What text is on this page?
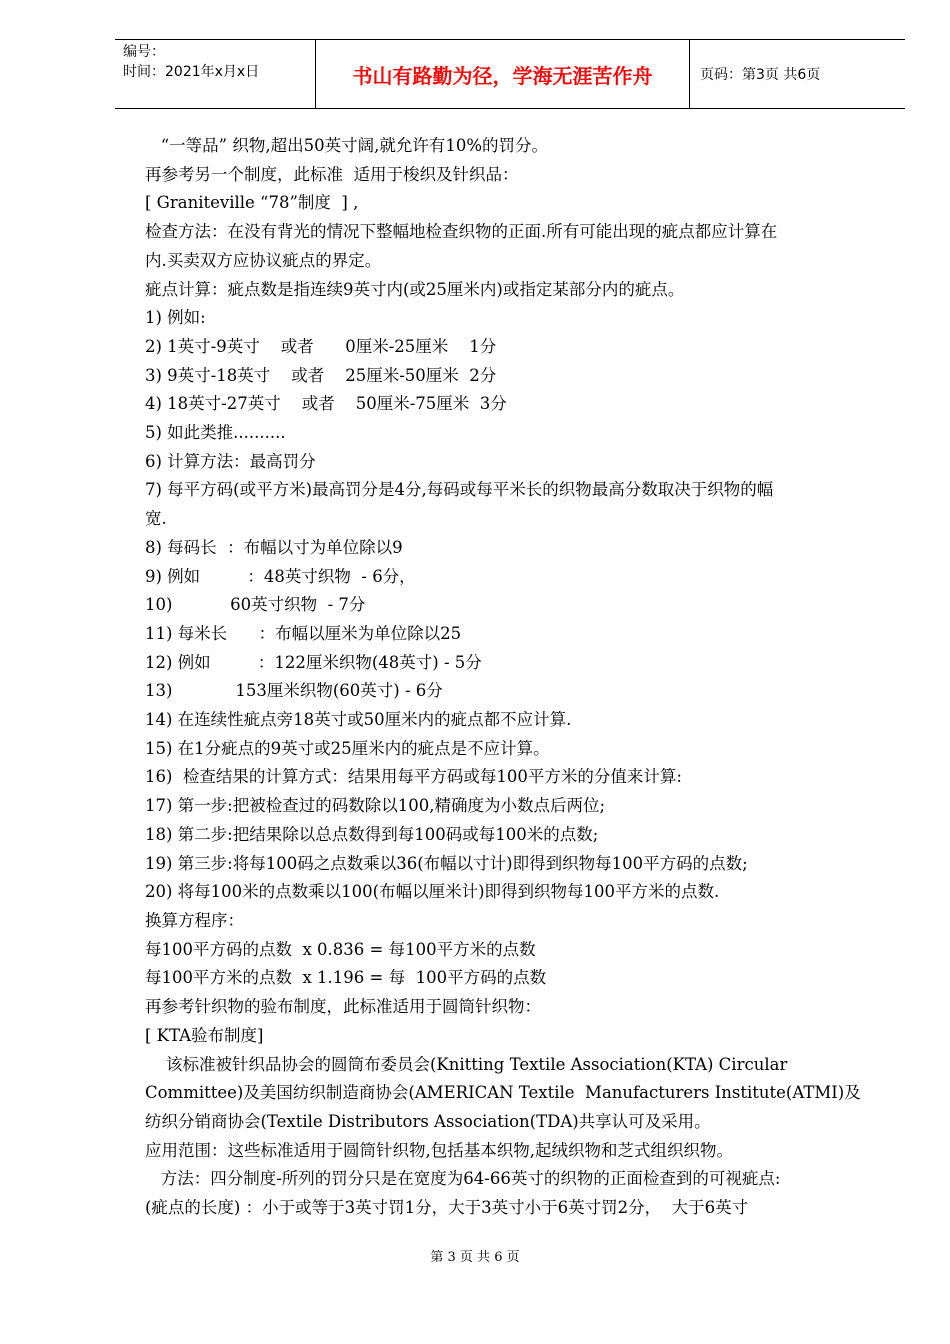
编号：
时间：2021年x月x日	书山有路勤为径，学海无涯苦作舟	页码：第3页 共6页
“一等品” 织物,超出50英寸阔,就允许有10%的罚分。
再参考另一个制度，此标准  适用于梭织及针织品：
[ Graniteville “78”制度  ] ,
检查方法：在没有背光的情况下整幅地检查织物的正面.所有可能出现的疵点都应计算在
内.买卖双方应协议疵点的界定。
疵点计算：疵点数是指连续9英寸内(或25厘米内)或指定某部分内的疵点。
1) 例如:
2) 1英寸-9英寸    或者      0厘米-25厘米    1分
3) 9英寸-18英寸    或者    25厘米-50厘米  2分
4) 18英寸-27英寸    或者    50厘米-75厘米  3分
5) 如此类推..........
6) 计算方法：最高罚分
7) 每平方码(或平方米)最高罚分是4分,每码或每平米长的织物最高分数取决于织物的幅
宽.
8) 每码长  ：布幅以寸为单位除以9
9) 例如         ：48英寸织物  - 6分，
10)           60英寸织物  - 7分
11) 每米长      ：布幅以厘米为单位除以25
12) 例如         ：122厘米织物(48英寸) - 5分
13)            153厘米织物(60英寸) - 6分
14) 在连续性疵点旁18英寸或50厘米内的疵点都不应计算.
15) 在1分疵点的9英寸或25厘米内的疵点是不应计算。
16)  检查结果的计算方式：结果用每平方码或每100平方米的分值来计算:
17) 第一步:把被检查过的码数除以100,精确度为小数点后两位;
18) 第二步:把结果除以总点数得到每100码或每100米的点数;
19) 第三步:将每100码之点数乘以36(布幅以寸计)即得到织物每100平方码的点数;
20) 将每100米的点数乘以100(布幅以厘米计)即得到织物每100平方米的点数.
换算方程序：
每100平方码的点数  x 0.836 = 每100平方米的点数
每100平方米的点数  x 1.196 = 每  100平方码的点数
再参考针织物的验布制度，此标准适用于圆筒针织物：
[ KTA验布制度]
该标准被针织品协会的圆筒布委员会(Knitting Textile Association(KTA) Circular
Committee)及美国纺织制造商协会(AMERICAN Textile  Manufacturers Institute(ATMI)及
纺织分销商协会(Textile Distributors Association(TDA)共享认可及采用。
应用范围：这些标准适用于圆筒针织物,包括基本织物,起绒织物和芝式组织织物。
方法：四分制度-所列的罚分只是在宽度为64-66英寸的织物的正面检查到的可视疵点:
(疵点的长度) ：小于或等于3英寸罚1分，大于3英寸小于6英寸罚2分，  大于6英寸
第 3 页 共 6 页
